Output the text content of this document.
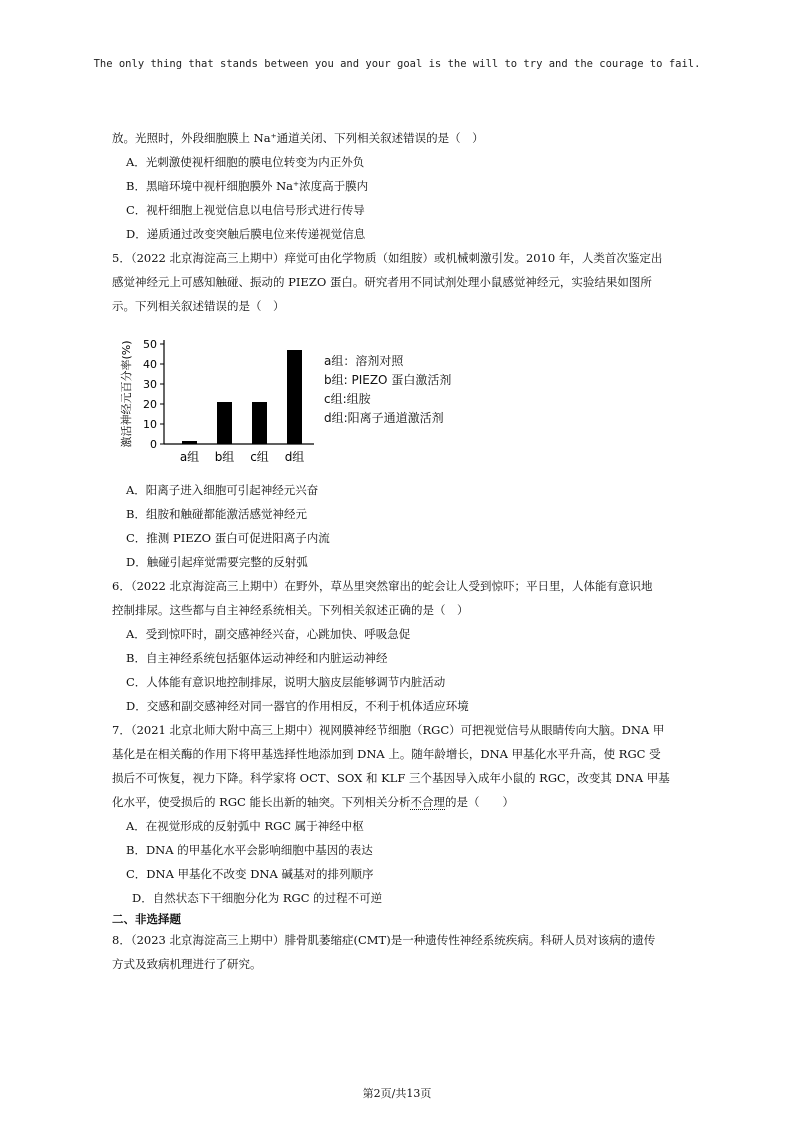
The only thing that stands between you and your goal is the will to try and the courage to fail.
放。光照时，外段细胞膜上 Na⁺通道关闭、下列相关叙述错误的是（　）
A．光刺激使视杆细胞的膜电位转变为内正外负
B．黑暗环境中视杆细胞膜外 Na⁺浓度高于膜内
C．视杆细胞上视觉信息以电信号形式进行传导
D．递质通过改变突触后膜电位来传递视觉信息
5．（2022 北京海淀高三上期中）痒觉可由化学物质（如组胺）或机械刺激引发。2010 年，人类首次鉴定出
感觉神经元上可感知触碰、振动的 PIEZO 蛋白。研究者用不同试剂处理小鼠感觉神经元，实验结果如图所
示。下列相关叙述错误的是（　）
激活神经元百分率(%) 0
10
20
30
40
50
a组 b组 c组 d组
a组：溶剂对照
b组: PIEZO 蛋白激活剂
c组:组胺
d组:阳离子通道激活剂
A．阳离子进入细胞可引起神经元兴奋
B．组胺和触碰都能激活感觉神经元
C．推测 PIEZO 蛋白可促进阳离子内流
D．触碰引起痒觉需要完整的反射弧
6．（2022 北京海淀高三上期中）在野外，草丛里突然窜出的蛇会让人受到惊吓；平日里，人体能有意识地
控制排尿。这些都与自主神经系统相关。下列相关叙述正确的是（　）
A．受到惊吓时，副交感神经兴奋，心跳加快、呼吸急促
B．自主神经系统包括躯体运动神经和内脏运动神经
C．人体能有意识地控制排尿，说明大脑皮层能够调节内脏活动
D．交感和副交感神经对同一器官的作用相反，不利于机体适应环境
7．（2021 北京北师大附中高三上期中）视网膜神经节细胞（RGC）可把视觉信号从眼睛传向大脑。DNA 甲
基化是在相关酶的作用下将甲基选择性地添加到 DNA 上。随年龄增长，DNA 甲基化水平升高，使 RGC 受
损后不可恢复，视力下降。科学家将 OCT、SOX 和 KLF 三个基因导入成年小鼠的 RGC，改变其 DNA 甲基
化水平，使受损后的 RGC 能长出新的轴突。下列相关分析不合理的是（　　）
A．在视觉形成的反射弧中 RGC 属于神经中枢
B．DNA 的甲基化水平会影响细胞中基因的表达
C．DNA 甲基化不改变 DNA 碱基对的排列顺序
D．自然状态下干细胞分化为 RGC 的过程不可逆
二、非选择题
8．（2023 北京海淀高三上期中）腓骨肌萎缩症(CMT)是一种遗传性神经系统疾病。科研人员对该病的遗传
方式及致病机理进行了研究。
第2页/共13页
